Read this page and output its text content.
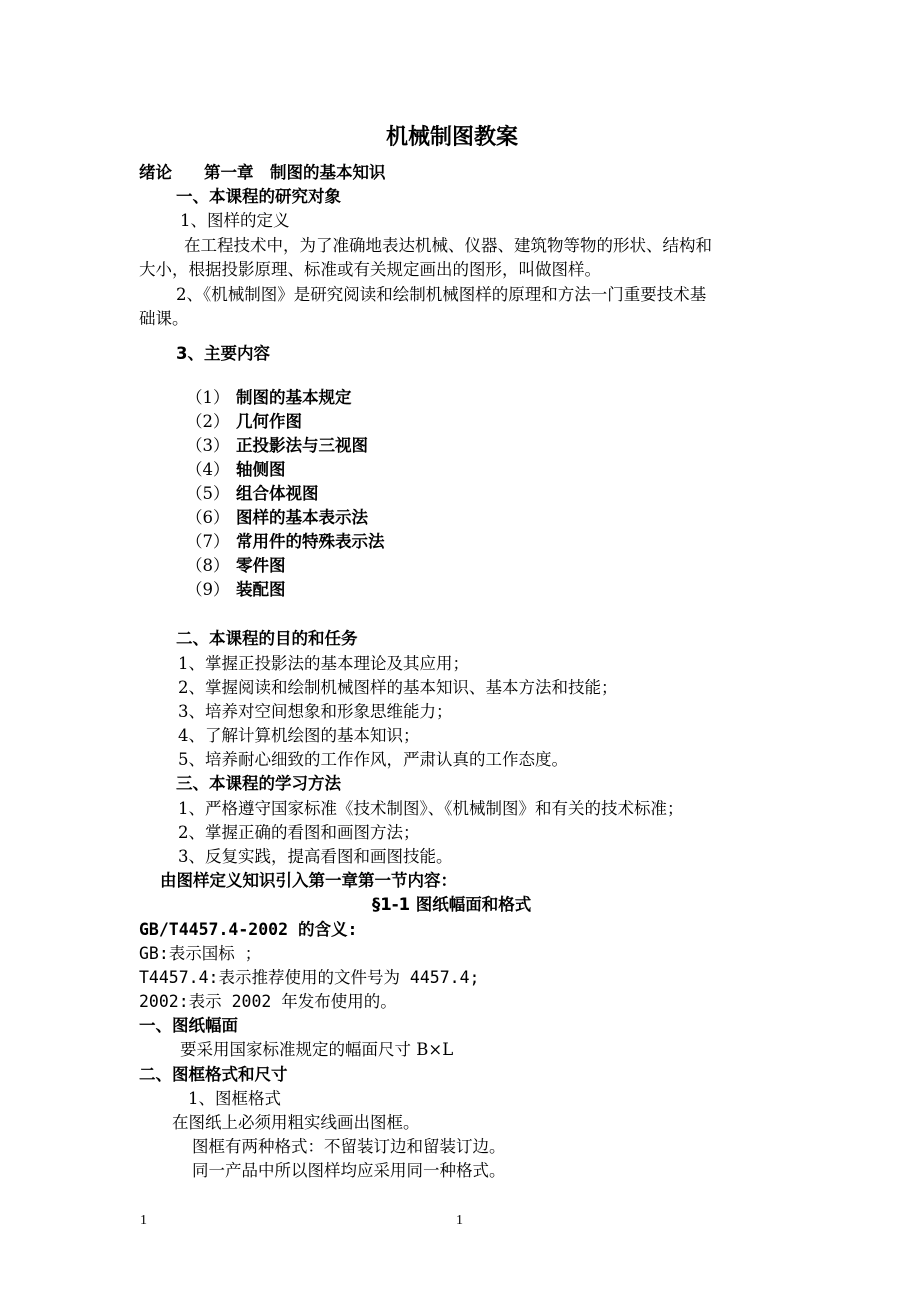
机械制图教案
绪论 第一章　制图的基本知识
一、本课程的研究对象
1、图样的定义
在工程技术中，为了准确地表达机械、仪器、建筑物等物的形状、结构和
大小，根据投影原理、标准或有关规定画出的图形，叫做图样。
2、《机械制图》是研究阅读和绘制机械图样的原理和方法一门重要技术基
础课。
3、主要内容
（1） 制图的基本规定
（2） 几何作图
（3） 正投影法与三视图
（4） 轴侧图
（5） 组合体视图
（6） 图样的基本表示法
（7） 常用件的特殊表示法
（8） 零件图
（9） 装配图
二、本课程的目的和任务
1、掌握正投影法的基本理论及其应用；
2、掌握阅读和绘制机械图样的基本知识、基本方法和技能；
3、培养对空间想象和形象思维能力；
4、了解计算机绘图的基本知识；
5、培养耐心细致的工作作风，严肃认真的工作态度。
三、本课程的学习方法
1、严格遵守国家标准《技术制图》、《机械制图》和有关的技术标准；
2、掌握正确的看图和画图方法；
3、反复实践，提高看图和画图技能。
由图样定义知识引入第一章第一节内容：
§1-1 图纸幅面和格式
GB/T4457.4-2002 的含义:
GB:表示国标 ；
T4457.4:表示推荐使用的文件号为 4457.4;
2002:表示 2002 年发布使用的。
一、图纸幅面
要采用国家标准规定的幅面尺寸 B×L
二、图框格式和尺寸
1、图框格式
在图纸上必须用粗实线画出图框。
图框有两种格式：不留装订边和留装订边。
同一产品中所以图样均应采用同一种格式。
1	1
